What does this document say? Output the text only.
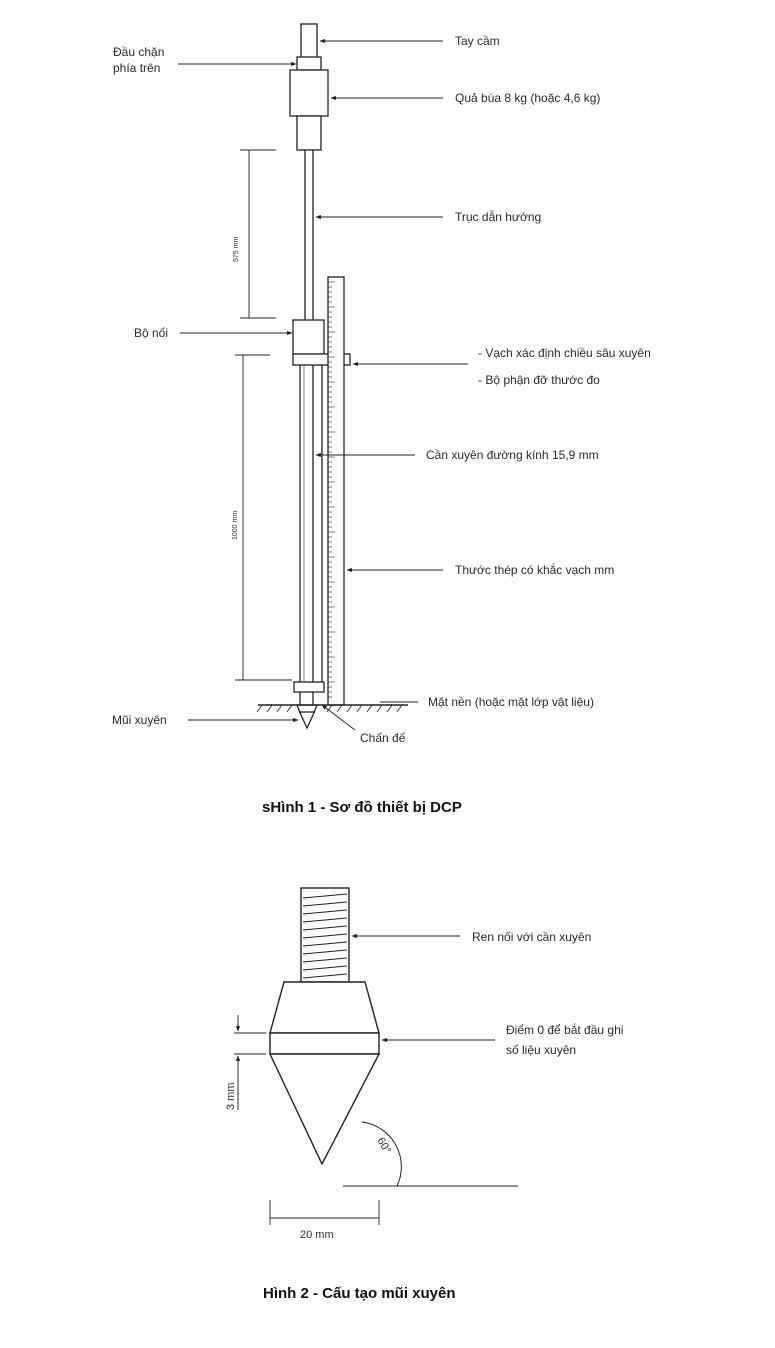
Đầu chặn
phía trên
Tay cầm
Quả búa 8 kg (hoặc 4,6 kg)
Trục dẫn hướng
Bộ nối
- Vạch xác định chiều sâu xuyên
- Bộ phận đỡ thước đo
Cần xuyên đường kính 15,9 mm
Thước thép có khắc vạch mm
Mặt nền (hoặc mặt lớp vật liệu)
Mũi xuyên
Chấn đế
575 mm
1000 mm
sHình 1 - Sơ đồ thiết bị DCP
Ren nối với cần xuyên
Điểm 0 để bắt đầu ghi
số liệu xuyên
3 mm
20 mm
60°
Hình 2 - Cấu tạo mũi xuyên
